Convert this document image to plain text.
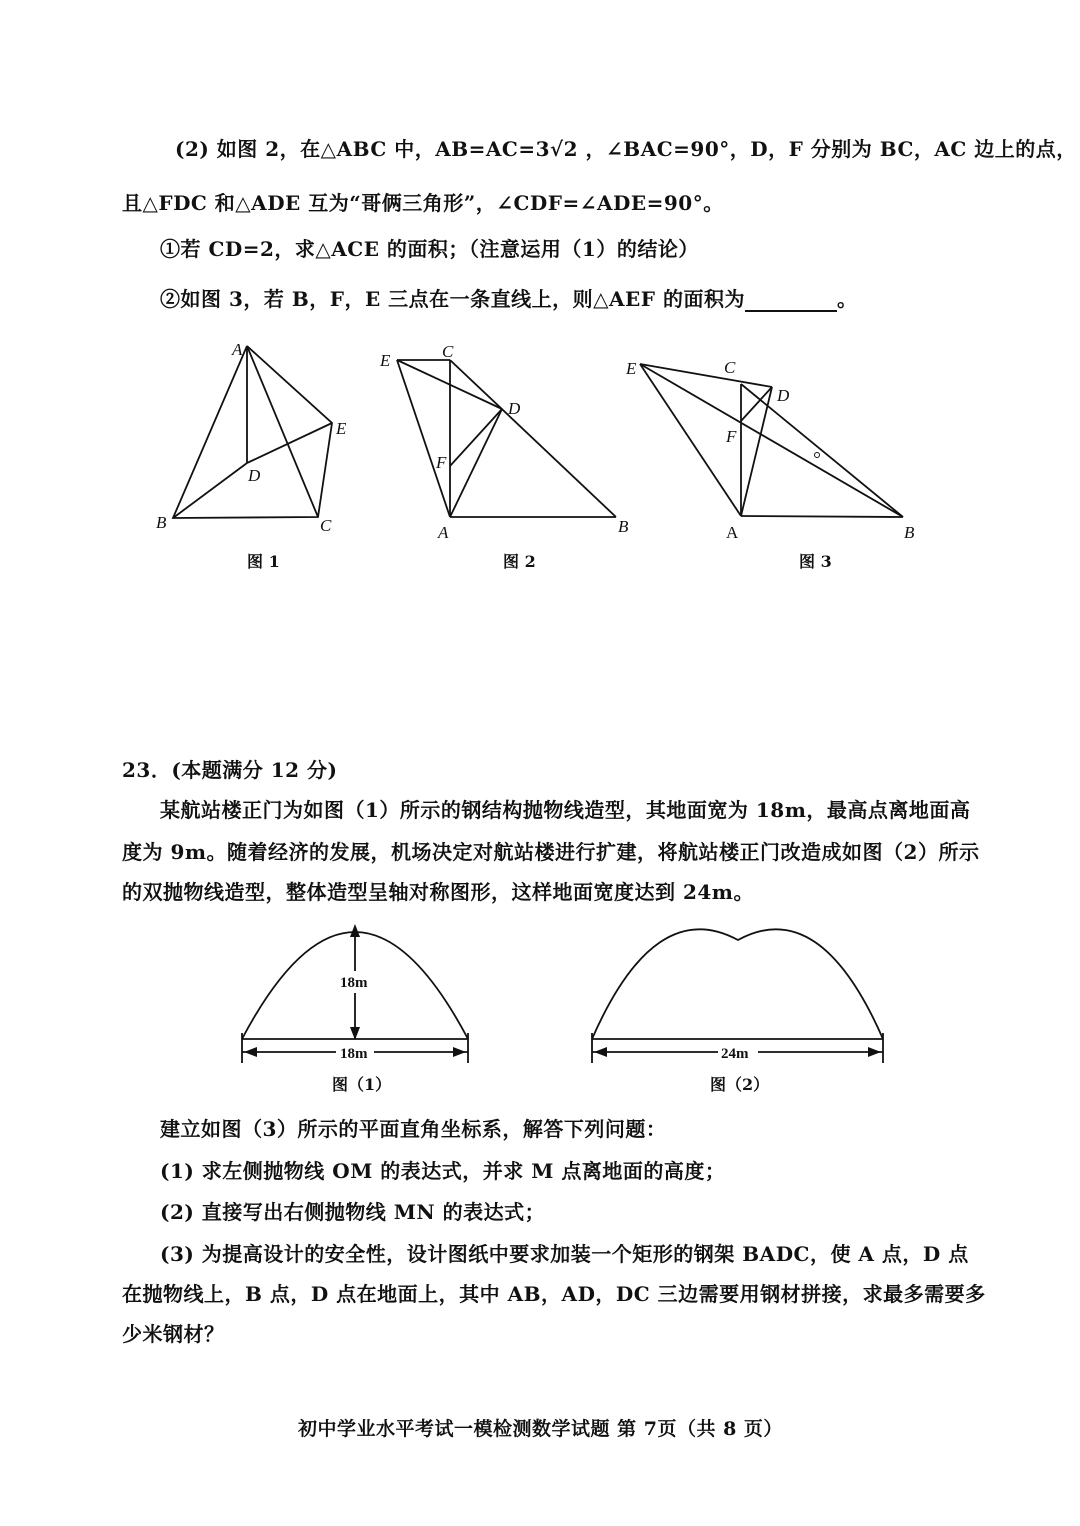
(2) 如图 2，在△ABC 中，AB=AC=3√2 ，∠BAC=90°，D，F 分别为 BC，AC 边上的点，
且△FDC 和△ADE 互为“哥俩三角形”，∠CDF=∠ADE=90°。
①若 CD=2，求△ACE 的面积；（注意运用（1）的结论）
②如图 3，若 B，F，E 三点在一条直线上，则△AEF 的面积为	。
A
B	C
D
E
图 1
E	C
D
F
A	B
图 2
E	C
D
F
A	B
图 3
23．(本题满分 12 分)
某航站楼正门为如图（1）所示的钢结构抛物线造型，其地面宽为 18m，最高点离地面高
度为 9m。随着经济的发展，机场决定对航站楼进行扩建，将航站楼正门改造成如图（2）所示
的双抛物线造型，整体造型呈轴对称图形，这样地面宽度达到 24m。
18m
18m
图（1）
24m
图（2）
建立如图（3）所示的平面直角坐标系，解答下列问题：
(1) 求左侧抛物线 OM 的表达式，并求 M 点离地面的高度；
(2) 直接写出右侧抛物线 MN 的表达式；
(3) 为提高设计的安全性，设计图纸中要求加装一个矩形的钢架 BADC，使 A 点，D 点
在抛物线上，B 点，D 点在地面上，其中 AB，AD，DC 三边需要用钢材拼接，求最多需要多
少米钢材？
初中学业水平考试一模检测数学试题 第 7页（共 8 页）
